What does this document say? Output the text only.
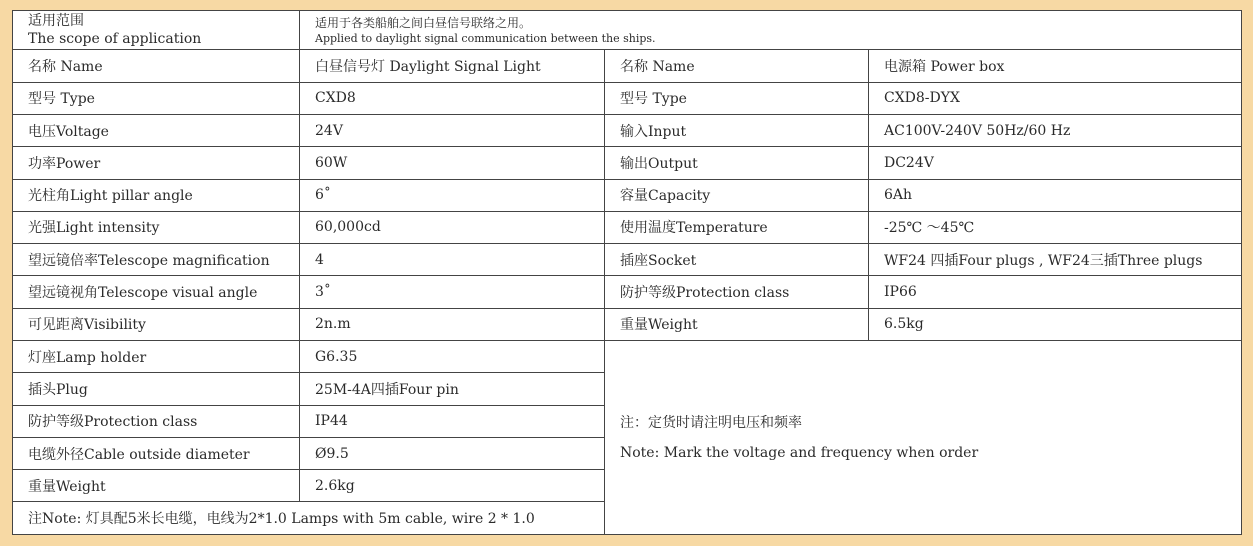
适用范围
The scope of application	适用于各类船舶之间白昼信号联络之用。
Applied to daylight signal communication between the ships.		

名称 Name	白昼信号灯 Daylight Signal Light	名称 Name	电源箱 Power box
型号 Type	CXD8	型号 Type	CXD8-DYX
电压Voltage	24V	输入Input	AC100V-240V 50Hz/60 Hz
功率Power	60W	输出Output	DC24V
光柱角Light pillar angle	6˚	容量Capacity	6Ah
光强Light intensity	60,000cd	使用温度Temperature	-25℃ ～45℃
望远镜倍率Telescope magnification	4	插座Socket	WF24 四插Four plugs , WF24三插Three plugs
望远镜视角Telescope visual angle	3˚	防护等级Protection class	IP66
可见距离Visibility	2n.m	重量Weight	6.5kg
灯座Lamp holder	G6.35	注：定货时请注明电压和频率
Note: Mark the voltage and frequency when order	

插头Plug	25M-4A四插Four pin		
防护等级Protection class	IP44		
电缆外径Cable outside diameter	Ø9.5		
重量Weight	2.6kg		
注Note: 灯具配5米长电缆，电线为2*1.0 Lamps with 5m cable, wire 2 * 1.0			
